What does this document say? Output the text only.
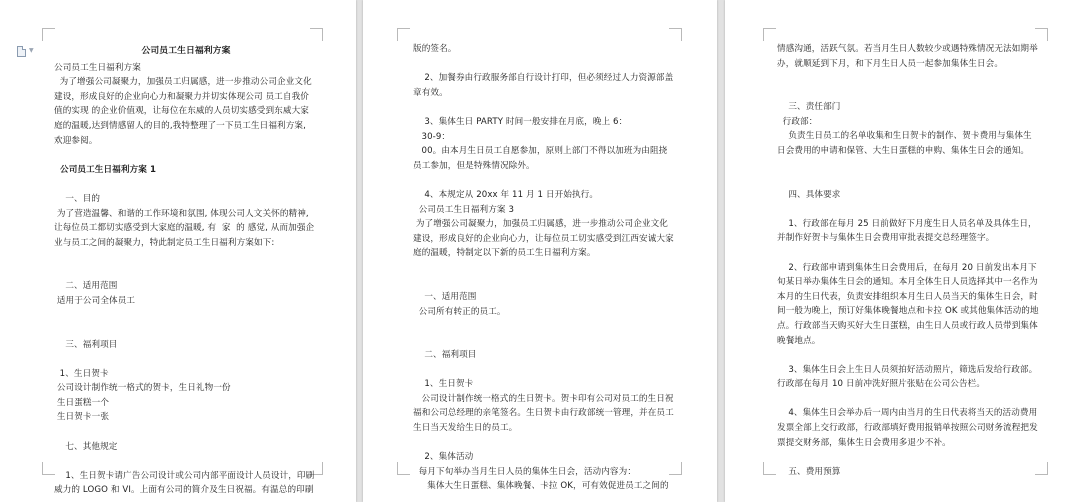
▼	公司员工生日福利方案

公司员工生日福利方案

为了增强公司凝聚力，加强员工归属感，进一步推动公司企业文化

建设，形成良好的企业向心力和凝聚力并切实体现公司 员工自我价

值的实现 的企业价值观，让每位在东威的人员切实感受到东威大家

庭的温暖,达到情感留人的目的,我特整理了一下员工生日福利方案,

欢迎参阅。

公司员工生日福利方案 1

一、目的

为了营造温馨、和谐的工作环境和氛围, 体现公司人文关怀的精神,

让每位员工都切实感受到大家庭的温暖, 有  家  的 感觉, 从而加强企

业与员工之间的凝聚力，特此制定员工生日福利方案如下:

二、适用范围

适用于公司全体员工

三、福利项目

1、生日贺卡

公司设计制作统一格式的贺卡，生日礼物一份

生日蛋糕一个

生日贺卡一张

七、其他规定

1、生日贺卡请广告公司设计或公司内部平面设计人员设计，印刷

威力的 LOGO 和 VI。上面有公司的简介及生日祝福。有温总的印刷

版的签名。

2、加餐券由行政服务部自行设计打印，但必须经过人力资源部盖

章有效。

3、集体生日 PARTY 时间一般安排在月底，晚上 6：

30-9：

00。由本月生日员工自愿参加，原则上部门不得以加班为由阻挠

员工参加，但是特殊情况除外。

4、本规定从 20xx 年 11 月 1 日开始执行。

公司员工生日福利方案 3

为了增强公司凝聚力，加强员工归属感，进一步推动公司企业文化

建设，形成良好的企业向心力，让每位员工切实感受到江西安诚大家

庭的温暖，特制定以下新的员工生日福利方案。

一、适用范围

公司所有转正的员工。

二、福利项目

1、生日贺卡

公司设计制作统一格式的生日贺卡。贺卡印有公司对员工的生日祝

福和公司总经理的亲笔签名。生日贺卡由行政部统一管理，并在员工

生日当天发给生日的员工。

2、集体活动

每月下旬举办当月生日人员的集体生日会，活动内容为：

集体大生日蛋糕、集体晚餐、卡拉 OK，可有效促进员工之间的

情感沟通，活跃气氛。若当月生日人数较少或遇特殊情况无法如期举

办，就顺延到下月，和下月生日人员一起参加集体生日会。

三、责任部门

行政部：

负责生日员工的名单收集和生日贺卡的制作、贺卡费用与集体生

日会费用的申请和保管、大生日蛋糕的申购、集体生日会的通知。

四、具体要求

1、行政部在每月 25 日前做好下月度生日人员名单及具体生日，

并制作好贺卡与集体生日会费用审批表提交总经理签字。

2、行政部申请到集体生日会费用后，在每月 20 日前发出本月下

旬某日举办集体生日会的通知。本月全体生日人员选择其中一名作为

本月的生日代表，负责安排组织本月生日人员当天的集体生日会，时

间一般为晚上，预订好集体晚餐地点和卡拉 OK 或其他集体活动的地

点。行政部当天购买好大生日蛋糕，由生日人员或行政人员带到集体

晚餐地点。

3、集体生日会上生日人员须拍好活动照片，筛选后发给行政部。

行政部在每月 10 日前冲洗好照片张贴在公司公告栏。

4、集体生日会举办后一周内由当月的生日代表将当天的活动费用

发票全部上交行政部，行政部填好费用报销单按照公司财务流程把发

票提交财务部，集体生日会费用多退少不补。

五、费用预算
